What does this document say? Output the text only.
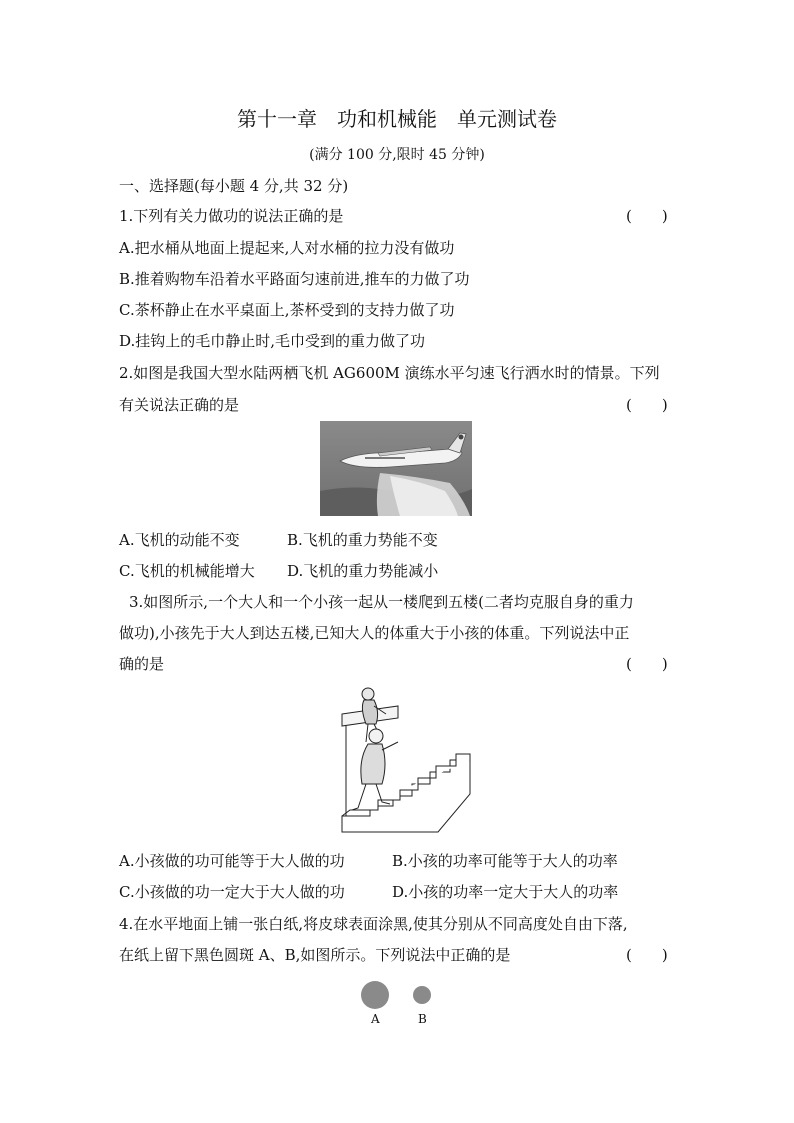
第十一章　功和机械能　单元测试卷
(满分 100 分,限时 45 分钟)
一、选择题(每小题 4 分,共 32 分)
1.下列有关力做功的说法正确的是	(　　)
A.把水桶从地面上提起来,人对水桶的拉力没有做功
B.推着购物车沿着水平路面匀速前进,推车的力做了功
C.茶杯静止在水平桌面上,茶杯受到的支持力做了功
D.挂钩上的毛巾静止时,毛巾受到的重力做了功
2.如图是我国大型水陆两栖飞机 AG600M 演练水平匀速飞行洒水时的情景。下列
有关说法正确的是	(　　)
A.飞机的动能不变	B.飞机的重力势能不变
C.飞机的机械能增大 D.飞机的重力势能减小
3.如图所示,一个大人和一个小孩一起从一楼爬到五楼(二者均克服自身的重力
做功),小孩先于大人到达五楼,已知大人的体重大于小孩的体重。下列说法中正
确的是	(　　)
A.小孩做的功可能等于大人做的功	B.小孩的功率可能等于大人的功率
C.小孩做的功一定大于大人做的功	D.小孩的功率一定大于大人的功率
4.在水平地面上铺一张白纸,将皮球表面涂黑,使其分别从不同高度处自由下落,
在纸上留下黑色圆斑 A、B,如图所示。下列说法中正确的是	(　　)
A	B
